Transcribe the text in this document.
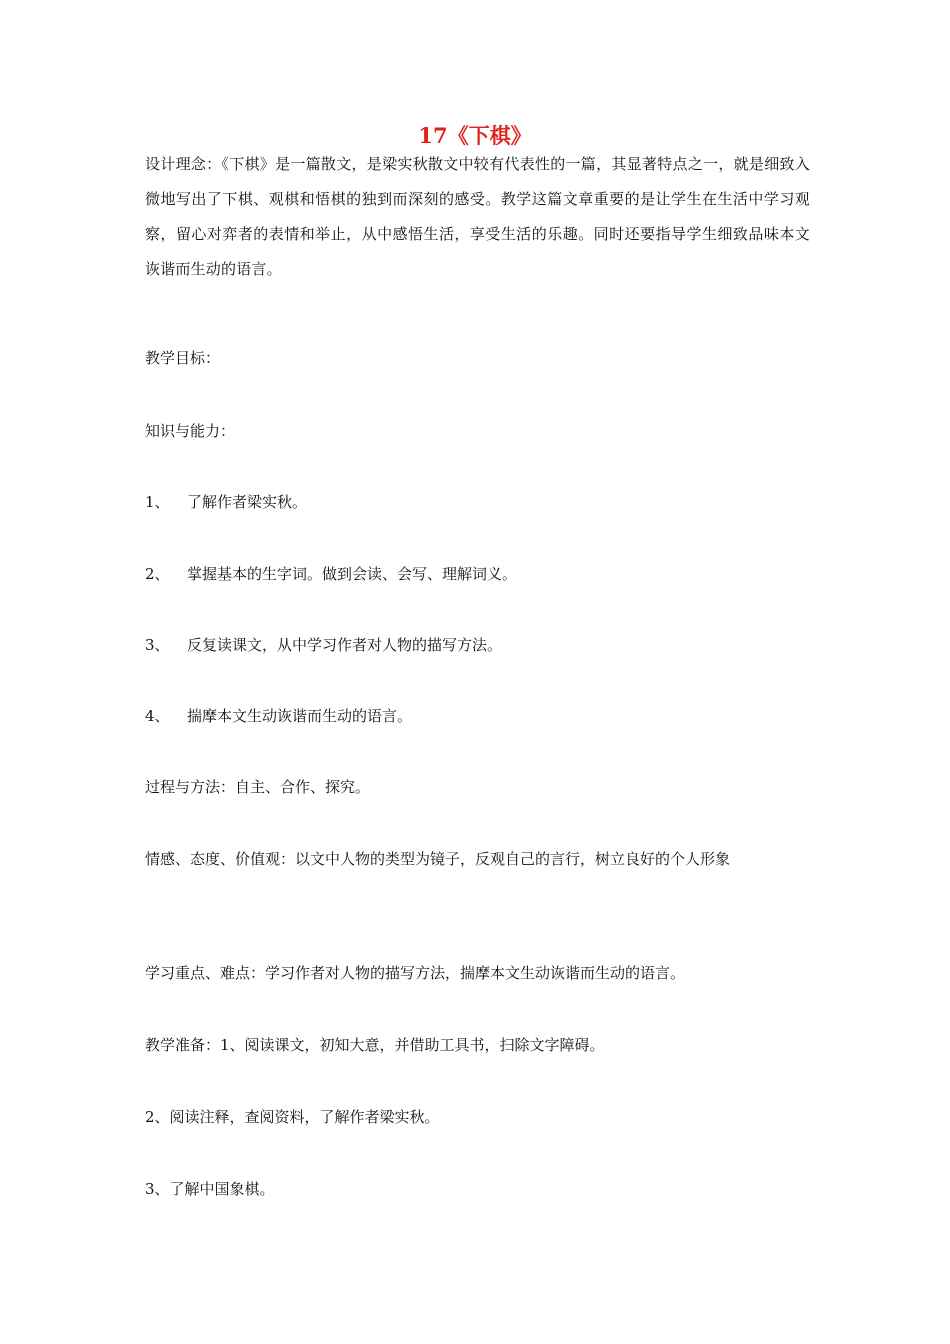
17《下棋》
设计理念：《下棋》是一篇散文，是梁实秋散文中较有代表性的一篇，其显著特点之一，就是细致入微地写出了下棋、观棋和悟棋的独到而深刻的感受。教学这篇文章重要的是让学生在生活中学习观察，留心对弈者的表情和举止，从中感悟生活，享受生活的乐趣。同时还要指导学生细致品味本文诙谐而生动的语言。
教学目标：
知识与能力：
1、 了解作者梁实秋。
2、 掌握基本的生字词。做到会读、会写、理解词义。
3、 反复读课文，从中学习作者对人物的描写方法。
4、 揣摩本文生动诙谐而生动的语言。
过程与方法：自主、合作、探究。
情感、态度、价值观：以文中人物的类型为镜子，反观自己的言行，树立良好的个人形象
学习重点、难点：学习作者对人物的描写方法，揣摩本文生动诙谐而生动的语言。
教学准备：1、阅读课文，初知大意，并借助工具书，扫除文字障碍。
2、阅读注释，查阅资料，了解作者梁实秋。
3、了解中国象棋。
